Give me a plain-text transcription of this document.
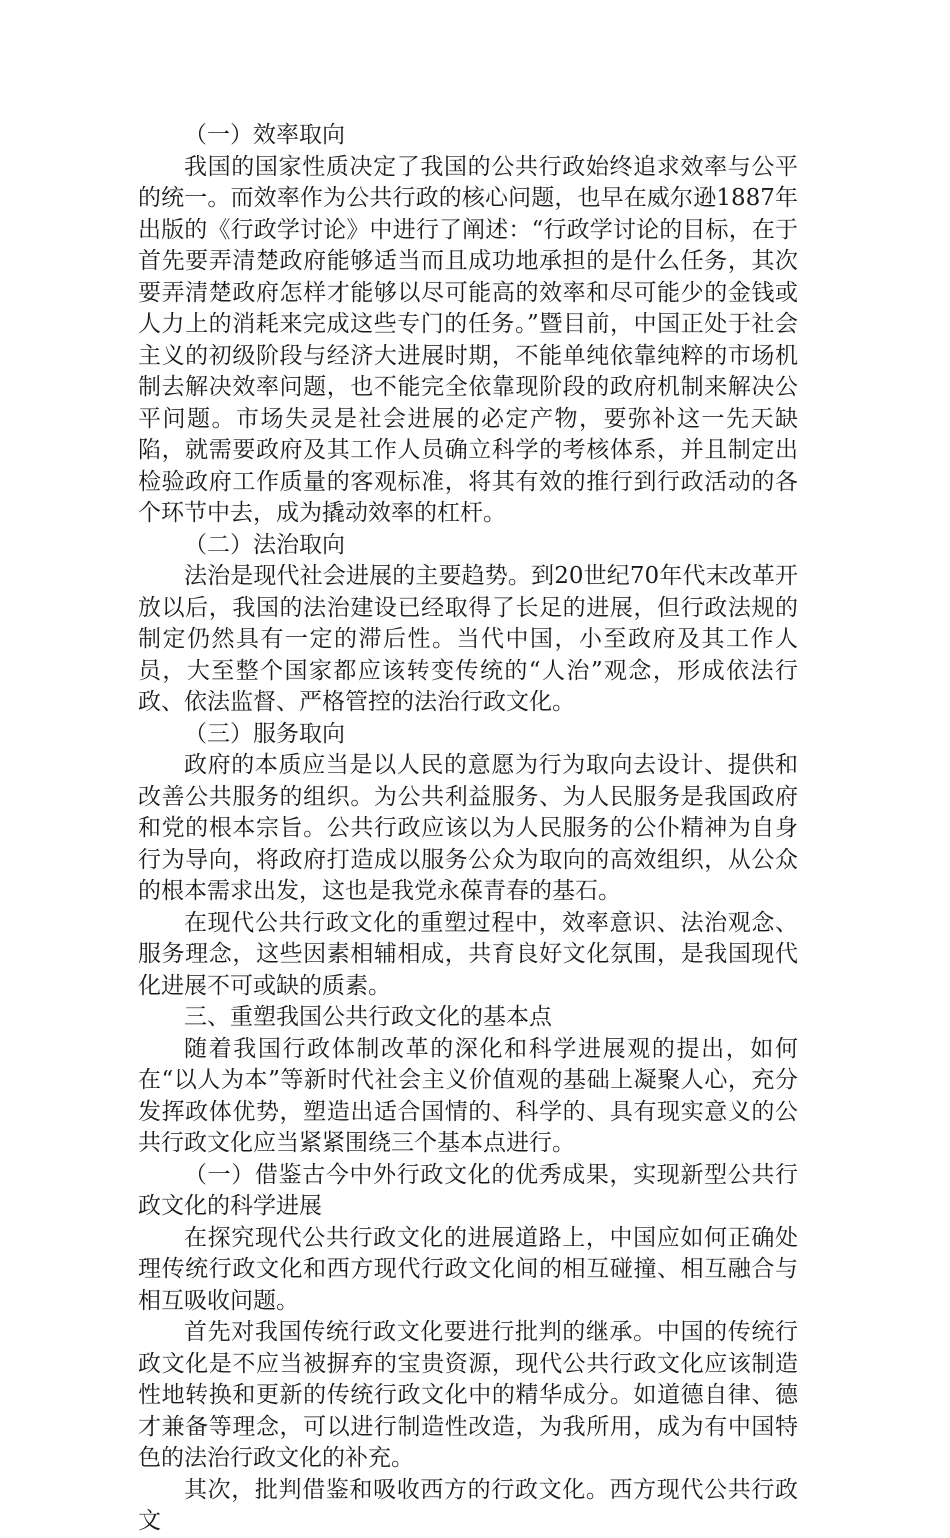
（一）效率取向

我国的国家性质决定了我国的公共行政始终追求效率与公平的统一。而效率作为公共行政的核心问题，也早在威尔逊1887年出版的《行政学讨论》中进行了阐述：“行政学讨论的目标，在于首先要弄清楚政府能够适当而且成功地承担的是什么任务，其次要弄清楚政府怎样才能够以尽可能高的效率和尽可能少的金钱或人力上的消耗来完成这些专门的任务。”暨目前，中国正处于社会主义的初级阶段与经济大进展时期，不能单纯依靠纯粹的市场机制去解决效率问题，也不能完全依靠现阶段的政府机制来解决公平问题。市场失灵是社会进展的必定产物，要弥补这一先天缺陷，就需要政府及其工作人员确立科学的考核体系，并且制定出检验政府工作质量的客观标准，将其有效的推行到行政活动的各个环节中去，成为撬动效率的杠杆。

（二）法治取向

法治是现代社会进展的主要趋势。到20世纪70年代末改革开放以后，我国的法治建设已经取得了长足的进展，但行政法规的制定仍然具有一定的滞后性。当代中国，小至政府及其工作人员，大至整个国家都应该转变传统的“人治”观念，形成依法行政、依法监督、严格管控的法治行政文化。

（三）服务取向

政府的本质应当是以人民的意愿为行为取向去设计、提供和改善公共服务的组织。为公共利益服务、为人民服务是我国政府和党的根本宗旨。公共行政应该以为人民服务的公仆精神为自身行为导向，将政府打造成以服务公众为取向的高效组织，从公众的根本需求出发，这也是我党永葆青春的基石。

在现代公共行政文化的重塑过程中，效率意识、法治观念、服务理念，这些因素相辅相成，共育良好文化氛围，是我国现代化进展不可或缺的质素。

三、重塑我国公共行政文化的基本点

随着我国行政体制改革的深化和科学进展观的提出，如何在“以人为本”等新时代社会主义价值观的基础上凝聚人心，充分发挥政体优势，塑造出适合国情的、科学的、具有现实意义的公共行政文化应当紧紧围绕三个基本点进行。

（一）借鉴古今中外行政文化的优秀成果，实现新型公共行政文化的科学进展

在探究现代公共行政文化的进展道路上，中国应如何正确处理传统行政文化和西方现代行政文化间的相互碰撞、相互融合与相互吸收问题。

首先对我国传统行政文化要进行批判的继承。中国的传统行政文化是不应当被摒弃的宝贵资源，现代公共行政文化应该制造性地转换和更新的传统行政文化中的精华成分。如道德自律、德才兼备等理念，可以进行制造性改造，为我所用，成为有中国特色的法治行政文化的补充。

其次，批判借鉴和吸收西方的行政文化。西方现代公共行政文
